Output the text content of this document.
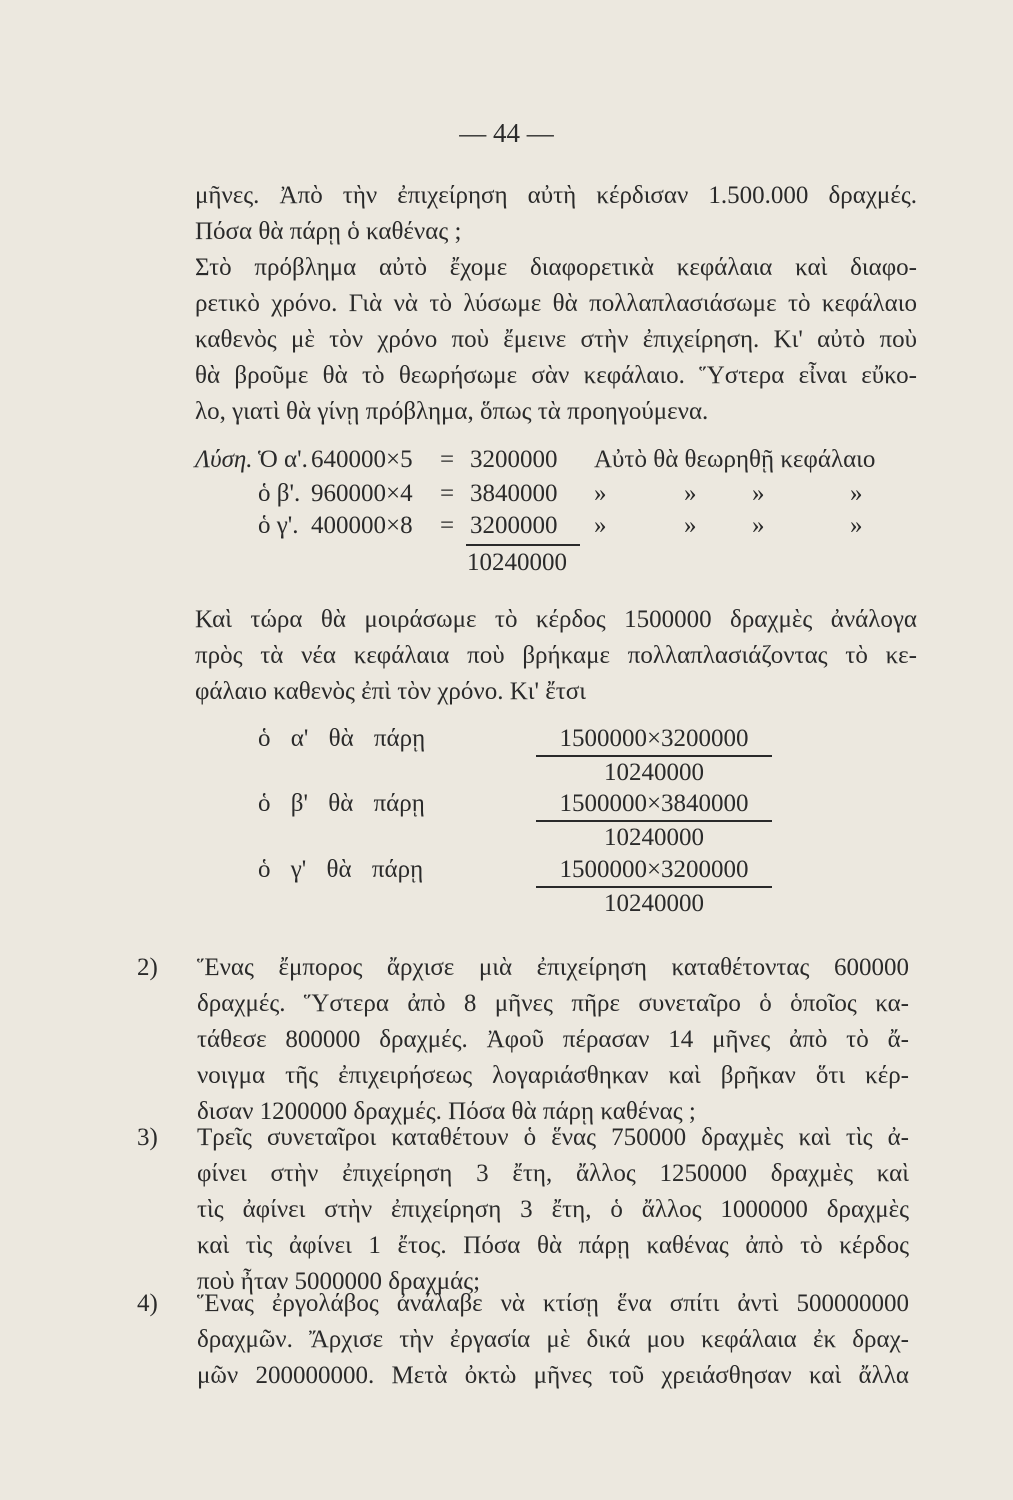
— 44 —
μῆνες. Ἀπὸ τὴν ἐπιχείρηση αὐτὴ κέρδισαν 1.500.000 δραχμές.
Πόσα θὰ πάρῃ ὁ καθένας ;
Στὸ πρόβλημα αὐτὸ ἔχομε διαφορετικὰ κεφάλαια καὶ διαφο-
ρετικὸ χρόνο. Γιὰ νὰ τὸ λύσωμε θὰ πολλαπλασιάσωμε τὸ κεφάλαιο
καθενὸς μὲ τὸν χρόνο ποὺ ἔμεινε στὴν ἐπιχείρηση. Κι' αὐτὸ ποὺ
θὰ βροῦμε θὰ τὸ θεωρήσωμε σὰν κεφάλαιο. Ὕστερα εἶναι εὔκο-
λο, γιατὶ θὰ γίνῃ πρόβλημα, ὅπως τὰ προηγούμενα.
Λύση. Ὁ α'. 640000×5 = 3200000 Αὐτὸ θὰ θεωρηθῇ κεφάλαιο
ὁ β'. 960000×4 = 3840000 »	» »	»
ὁ γ'. 400000×8 = 3200000 »	» »	»
10240000
Καὶ τώρα θὰ μοιράσωμε τὸ κέρδος 1500000 δραχμὲς ἀνάλογα
πρὸς τὰ νέα κεφάλαια ποὺ βρήκαμε πολλαπλασιάζοντας τὸ κε-
φάλαιο καθενὸς ἐπὶ τὸν χρόνο. Κι' ἔτσι
ὁ α' θὰ πάρῃ	$\frac{1500000\times 3200000}{10240000}$
ὁ β' θὰ πάρῃ	$\frac{1500000\times 3840000}{10240000}$
ὁ γ' θὰ πάρῃ	$\frac{1500000\times 3200000}{10240000}$
2) Ἕνας ἔμπορος ἄρχισε μιὰ ἐπιχείρηση καταθέτοντας 600000
δραχμές. Ὕστερα ἀπὸ 8 μῆνες πῆρε συνεταῖρο ὁ ὁποῖος κα-
τάθεσε 800000 δραχμές. Ἀφοῦ πέρασαν 14 μῆνες ἀπὸ τὸ ἄ-
νοιγμα τῆς ἐπιχειρήσεως λογαριάσθηκαν καὶ βρῆκαν ὅτι κέρ-
δισαν 1200000 δραχμές. Πόσα θὰ πάρῃ καθένας ;
3) Τρεῖς συνεταῖροι καταθέτουν ὁ ἕνας 750000 δραχμὲς καὶ τὶς ἀ-
φίνει στὴν ἐπιχείρηση 3 ἔτη, ἄλλος 1250000 δραχμὲς καὶ
τὶς ἀφίνει στὴν ἐπιχείρηση 3 ἔτη, ὁ ἄλλος 1000000 δραχμὲς
καὶ τὶς ἀφίνει 1 ἔτος. Πόσα θὰ πάρῃ καθένας ἀπὸ τὸ κέρδος
ποὺ ἦταν 5000000 δραχμάς;
4) Ἕνας ἐργολάβος ἀνάλαβε νὰ κτίσῃ ἕνα σπίτι ἀντὶ 500000000
δραχμῶν. Ἄρχισε τὴν ἐργασία μὲ δικά μου κεφάλαια ἐκ δραχ-
μῶν 200000000. Μετὰ ὀκτὼ μῆνες τοῦ χρειάσθησαν καὶ ἄλλα
